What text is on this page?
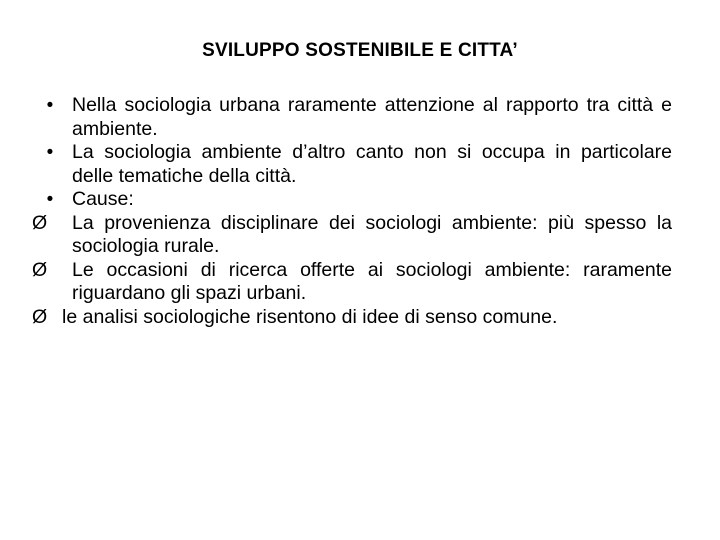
SVILUPPO SOSTENIBILE E CITTA’
• Nella sociologia urbana raramente attenzione al rapporto tra città e ambiente.
• La sociologia ambiente d’altro canto non si occupa in particolare delle tematiche della città.
• Cause:
Ø	La provenienza disciplinare dei sociologi ambiente: più spesso la sociologia rurale.
Ø	Le occasioni di ricerca offerte ai sociologi ambiente: raramente riguardano gli spazi urbani.
Ø le analisi sociologiche risentono di idee di senso comune.
